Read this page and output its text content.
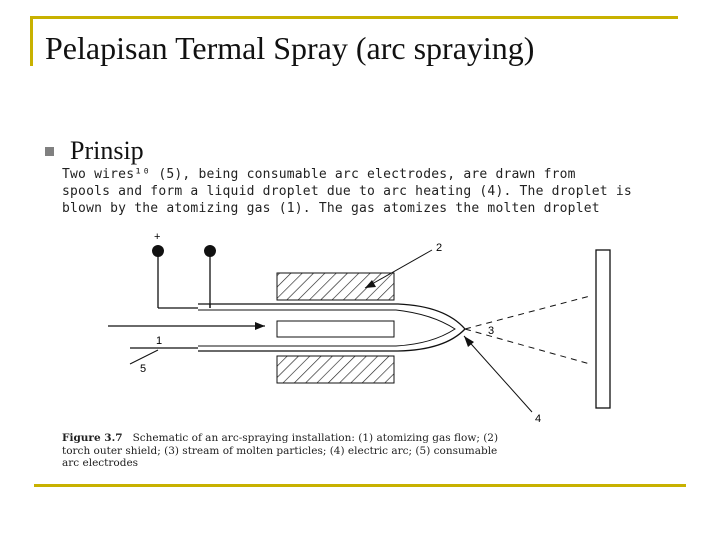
Pelapisan Termal Spray (arc spraying)
Prinsip
Two wires¹⁰ (5), being consumable arc electrodes, are drawn from
spools and form a liquid droplet due to arc heating (4). The droplet is
blown by the atomizing gas (1). The gas atomizes the molten droplet
+
1
5
3
2
4
Figure 3.7 Schematic of an arc-spraying installation: (1) atomizing gas flow; (2)
torch outer shield; (3) stream of molten particles; (4) electric arc; (5) consumable
arc electrodes
